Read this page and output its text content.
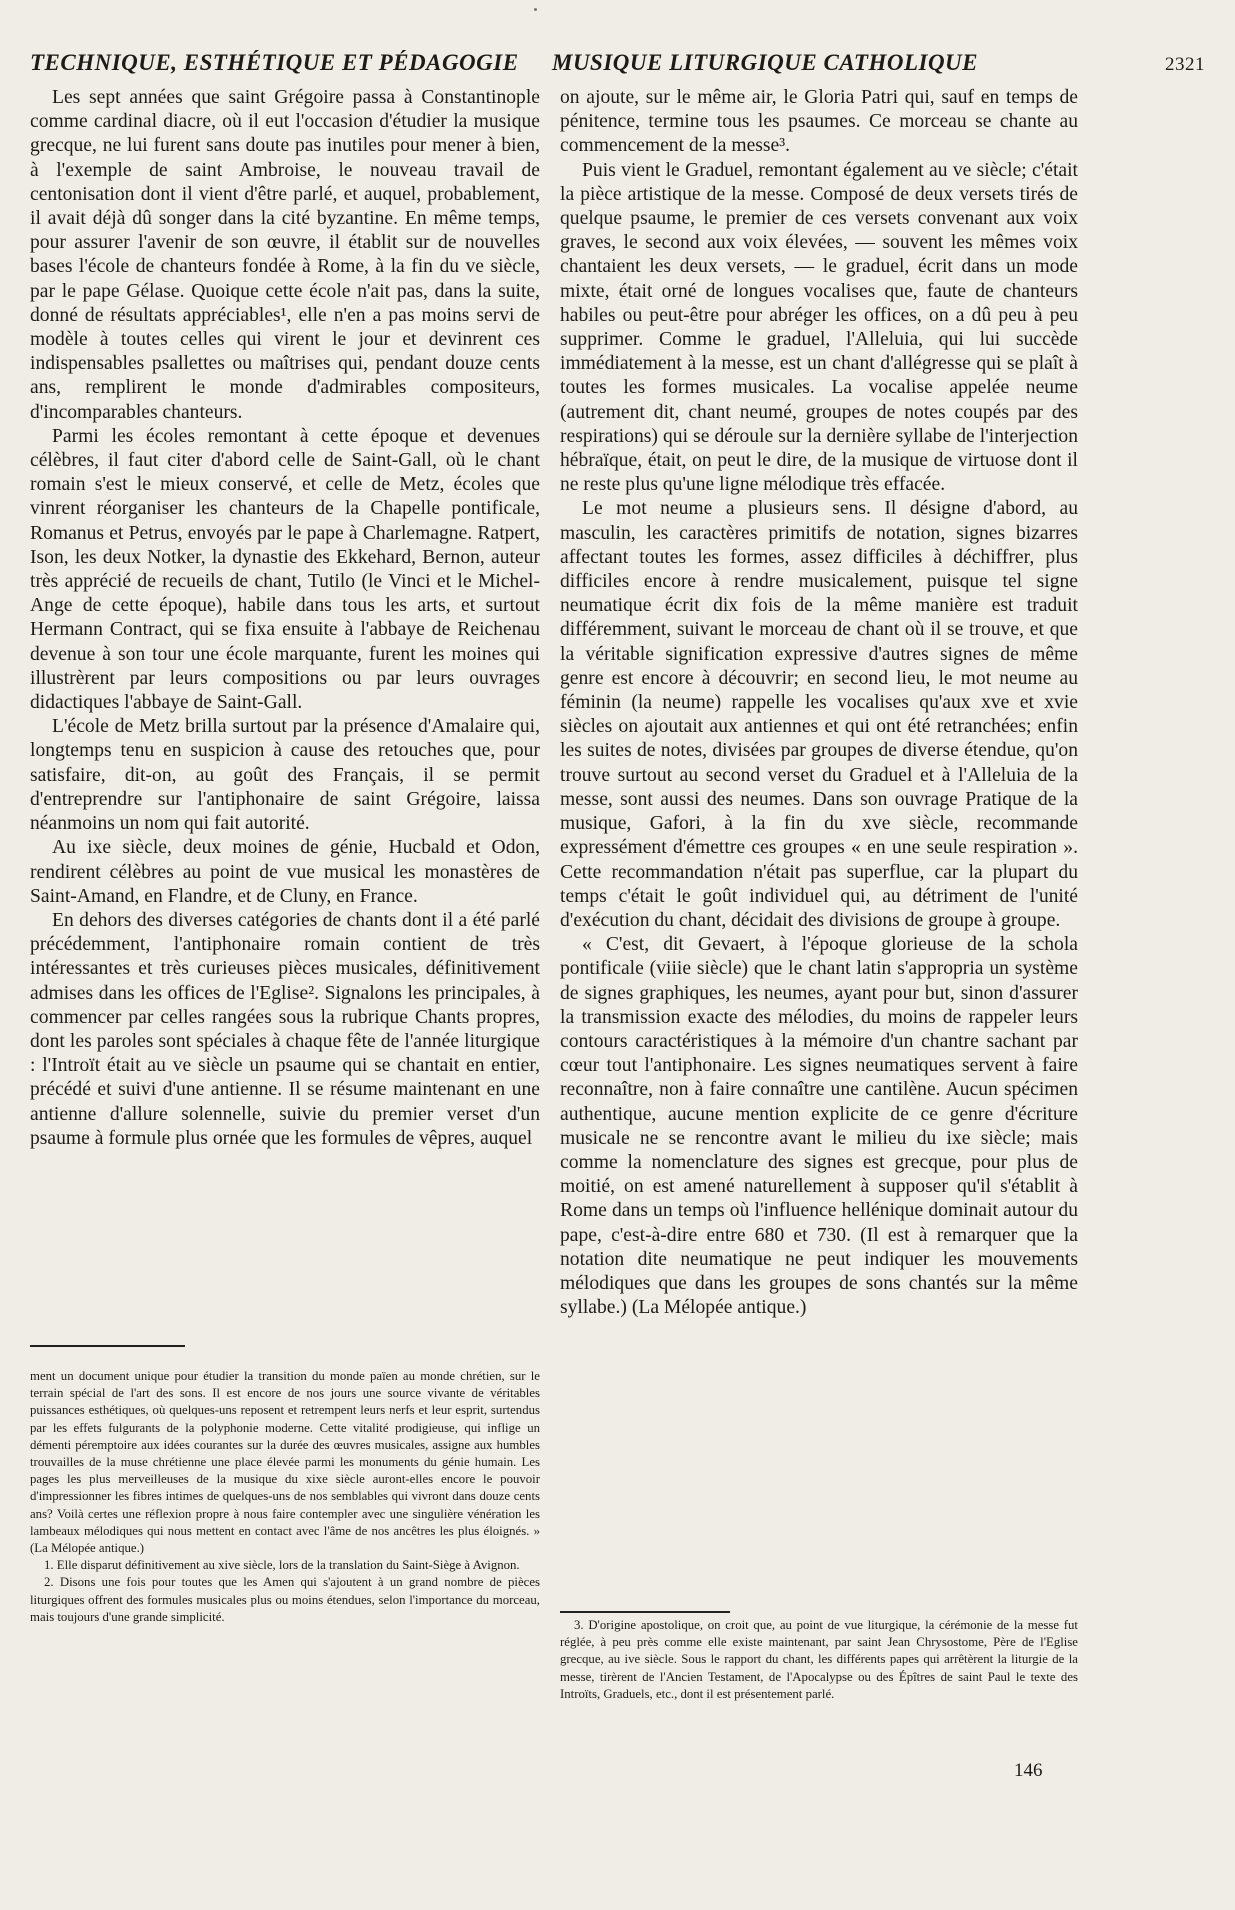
TECHNIQUE, ESTHÉTIQUE ET PÉDAGOGIE MUSIQUE LITURGIQUE CATHOLIQUE	2321

Les sept années que saint Grégoire passa à Constantinople comme cardinal diacre, où il eut l'occasion d'étudier la musique grecque, ne lui furent sans doute pas inutiles pour mener à bien, à l'exemple de saint Ambroise, le nouveau travail de centonisation dont il vient d'être parlé, et auquel, probablement, il avait déjà dû songer dans la cité byzantine. En même temps, pour assurer l'avenir de son œuvre, il établit sur de nouvelles bases l'école de chanteurs fondée à Rome, à la fin du ve siècle, par le pape Gélase. Quoique cette école n'ait pas, dans la suite, donné de résultats appréciables¹, elle n'en a pas moins servi de modèle à toutes celles qui virent le jour et devinrent ces indispensables psallettes ou maîtrises qui, pendant douze cents ans, remplirent le monde d'admirables compositeurs, d'incomparables chanteurs.

Parmi les écoles remontant à cette époque et devenues célèbres, il faut citer d'abord celle de Saint-Gall, où le chant romain s'est le mieux conservé, et celle de Metz, écoles que vinrent réorganiser les chanteurs de la Chapelle pontificale, Romanus et Petrus, envoyés par le pape à Charlemagne. Ratpert, Ison, les deux Notker, la dynastie des Ekkehard, Bernon, auteur très apprécié de recueils de chant, Tutilo (le Vinci et le Michel-Ange de cette époque), habile dans tous les arts, et surtout Hermann Contract, qui se fixa ensuite à l'abbaye de Reichenau devenue à son tour une école marquante, furent les moines qui illustrèrent par leurs compositions ou par leurs ouvrages didactiques l'abbaye de Saint-Gall.

L'école de Metz brilla surtout par la présence d'Amalaire qui, longtemps tenu en suspicion à cause des retouches que, pour satisfaire, dit-on, au goût des Français, il se permit d'entreprendre sur l'antiphonaire de saint Grégoire, laissa néanmoins un nom qui fait autorité.

Au ixe siècle, deux moines de génie, Hucbald et Odon, rendirent célèbres au point de vue musical les monastères de Saint-Amand, en Flandre, et de Cluny, en France.

En dehors des diverses catégories de chants dont il a été parlé précédemment, l'antiphonaire romain contient de très intéressantes et très curieuses pièces musicales, définitivement admises dans les offices de l'Eglise². Signalons les principales, à commencer par celles rangées sous la rubrique Chants propres, dont les paroles sont spéciales à chaque fête de l'année liturgique : l'Introït était au ve siècle un psaume qui se chantait en entier, précédé et suivi d'une antienne. Il se résume maintenant en une antienne d'allure solennelle, suivie du premier verset d'un psaume à formule plus ornée que les formules de vêpres, auquel

ment un document unique pour étudier la transition du monde païen au monde chrétien, sur le terrain spécial de l'art des sons. Il est encore de nos jours une source vivante de véritables puissances esthétiques, où quelques-uns reposent et retrempent leurs nerfs et leur esprit, surtendus par les effets fulgurants de la polyphonie moderne. Cette vitalité prodigieuse, qui inflige un démenti péremptoire aux idées courantes sur la durée des œuvres musicales, assigne aux humbles trouvailles de la muse chrétienne une place élevée parmi les monuments du génie humain. Les pages les plus merveilleuses de la musique du xixe siècle auront-elles encore le pouvoir d'impressionner les fibres intimes de quelques-uns de nos semblables qui vivront dans douze cents ans? Voilà certes une réflexion propre à nous faire contempler avec une singulière vénération les lambeaux mélodiques qui nous mettent en contact avec l'âme de nos ancêtres les plus éloignés. » (La Mélopée antique.)

1. Elle disparut définitivement au xive siècle, lors de la translation du Saint-Siège à Avignon.

2. Disons une fois pour toutes que les Amen qui s'ajoutent à un grand nombre de pièces liturgiques offrent des formules musicales plus ou moins étendues, selon l'importance du morceau, mais toujours d'une grande simplicité.

on ajoute, sur le même air, le Gloria Patri qui, sauf en temps de pénitence, termine tous les psaumes. Ce morceau se chante au commencement de la messe³.

Puis vient le Graduel, remontant également au ve siècle; c'était la pièce artistique de la messe. Composé de deux versets tirés de quelque psaume, le premier de ces versets convenant aux voix graves, le second aux voix élevées, — souvent les mêmes voix chantaient les deux versets, — le graduel, écrit dans un mode mixte, était orné de longues vocalises que, faute de chanteurs habiles ou peut-être pour abréger les offices, on a dû peu à peu supprimer. Comme le graduel, l'Alleluia, qui lui succède immédiatement à la messe, est un chant d'allégresse qui se plaît à toutes les formes musicales. La vocalise appelée neume (autrement dit, chant neumé, groupes de notes coupés par des respirations) qui se déroule sur la dernière syllabe de l'interjection hébraïque, était, on peut le dire, de la musique de virtuose dont il ne reste plus qu'une ligne mélodique très effacée.

Le mot neume a plusieurs sens. Il désigne d'abord, au masculin, les caractères primitifs de notation, signes bizarres affectant toutes les formes, assez difficiles à déchiffrer, plus difficiles encore à rendre musicalement, puisque tel signe neumatique écrit dix fois de la même manière est traduit différemment, suivant le morceau de chant où il se trouve, et que la véritable signification expressive d'autres signes de même genre est encore à découvrir; en second lieu, le mot neume au féminin (la neume) rappelle les vocalises qu'aux xve et xvie siècles on ajoutait aux antiennes et qui ont été retranchées; enfin les suites de notes, divisées par groupes de diverse étendue, qu'on trouve surtout au second verset du Graduel et à l'Alleluia de la messe, sont aussi des neumes. Dans son ouvrage Pratique de la musique, Gafori, à la fin du xve siècle, recommande expressément d'émettre ces groupes « en une seule respiration ». Cette recommandation n'était pas superflue, car la plupart du temps c'était le goût individuel qui, au détriment de l'unité d'exécution du chant, décidait des divisions de groupe à groupe.

« C'est, dit Gevaert, à l'époque glorieuse de la schola pontificale (viiie siècle) que le chant latin s'appropria un système de signes graphiques, les neumes, ayant pour but, sinon d'assurer la transmission exacte des mélodies, du moins de rappeler leurs contours caractéristiques à la mémoire d'un chantre sachant par cœur tout l'antiphonaire. Les signes neumatiques servent à faire reconnaître, non à faire connaître une cantilène. Aucun spécimen authentique, aucune mention explicite de ce genre d'écriture musicale ne se rencontre avant le milieu du ixe siècle; mais comme la nomenclature des signes est grecque, pour plus de moitié, on est amené naturellement à supposer qu'il s'établit à Rome dans un temps où l'influence hellénique dominait autour du pape, c'est-à-dire entre 680 et 730. (Il est à remarquer que la notation dite neumatique ne peut indiquer les mouvements mélodiques que dans les groupes de sons chantés sur la même syllabe.) (La Mélopée antique.)

3. D'origine apostolique, on croit que, au point de vue liturgique, la cérémonie de la messe fut réglée, à peu près comme elle existe maintenant, par saint Jean Chrysostome, Père de l'Eglise grecque, au ive siècle. Sous le rapport du chant, les différents papes qui arrêtèrent la liturgie de la messe, tirèrent de l'Ancien Testament, de l'Apocalypse ou des Épîtres de saint Paul le texte des Introïts, Graduels, etc., dont il est présentement parlé.

146
